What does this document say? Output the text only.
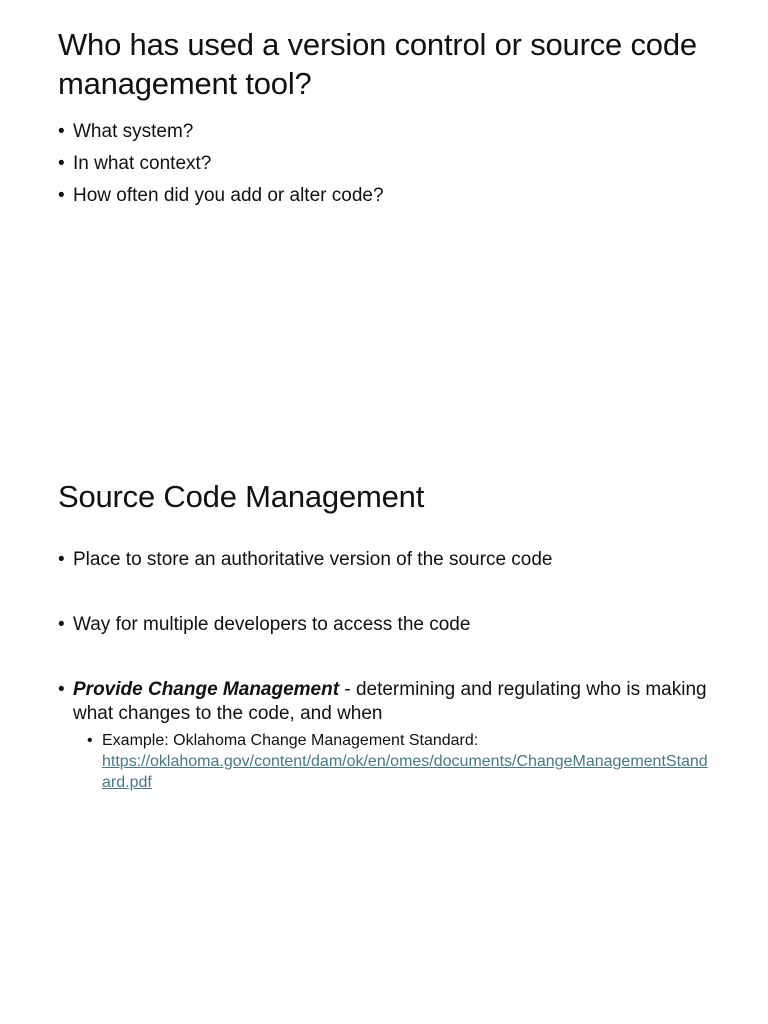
Who has used a version control or source code management tool?
• What system?
• In what context?
• How often did you add or alter code?
Source Code Management
• Place to store an authoritative version of the source code
• Way for multiple developers to access the code
• Provide Change Management - determining and regulating who is making what changes to the code, and when
• Example: Oklahoma Change Management Standard:
https://oklahoma.gov/content/dam/ok/en/omes/documents/ChangeManagementStandard.pdf
